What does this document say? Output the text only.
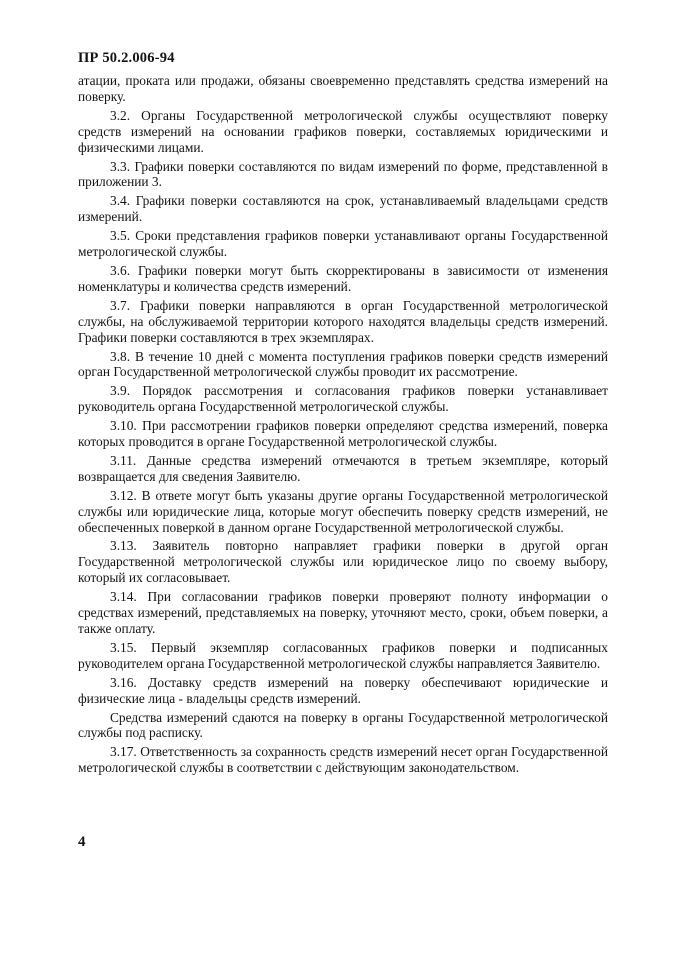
ПР 50.2.006-94

атации, проката или продажи, обязаны своевременно представлять средства измерений на поверку.

3.2. Органы Государственной метрологической службы осуществляют поверку средств измерений на основании графиков поверки, составляемых юридическими и физическими лицами.

3.3. Графики поверки составляются по видам измерений по форме, представленной в приложении 3.

3.4. Графики поверки составляются на срок, устанавливаемый владельцами средств измерений.

3.5. Сроки представления графиков поверки устанавливают органы Государственной метрологической службы.

3.6. Графики поверки могут быть скорректированы в зависимости от изменения номенклатуры и количества средств измерений.

3.7. Графики поверки направляются в орган Государственной метрологической службы, на обслуживаемой территории которого находятся владельцы средств измерений. Графики поверки составляются в трех экземплярах.

3.8. В течение 10 дней с момента поступления графиков поверки средств измерений орган Государственной метрологической службы проводит их рассмотрение.

3.9. Порядок рассмотрения и согласования графиков поверки устанавливает руководитель органа Государственной метрологической службы.

3.10. При рассмотрении графиков поверки определяют средства измерений, поверка которых проводится в органе Государственной метрологической службы.

3.11. Данные средства измерений отмечаются в третьем экземпляре, который возвращается для сведения Заявителю.

3.12. В ответе могут быть указаны другие органы Государственной метрологической службы или юридические лица, которые могут обеспечить поверку средств измерений, не обеспеченных поверкой в данном органе Государственной метрологической службы.

3.13. Заявитель повторно направляет графики поверки в другой орган Государственной метрологической службы или юридическое лицо по своему выбору, который их согласовывает.

3.14. При согласовании графиков поверки проверяют полноту информации о средствах измерений, представляемых на поверку, уточняют место, сроки, объем поверки, а также оплату.

3.15. Первый экземпляр согласованных графиков поверки и подписанных руководителем органа Государственной метрологической службы направляется Заявителю.

3.16. Доставку средств измерений на поверку обеспечивают юридические и физические лица - владельцы средств измерений.

Средства измерений сдаются на поверку в органы Государственной метрологической службы под расписку.

3.17. Ответственность за сохранность средств измерений несет орган Государственной метрологической службы в соответствии с действующим законодательством.

4
